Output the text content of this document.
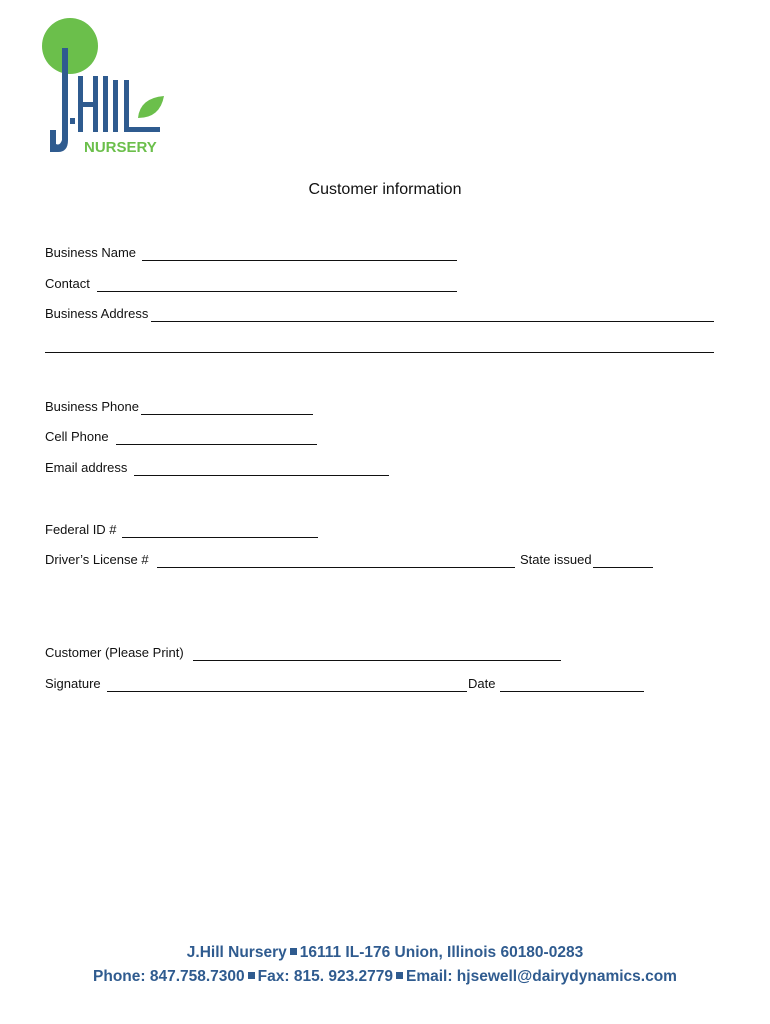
NURSERY
Customer information
Business Name
Contact
Business Address
Business Phone
Cell Phone
Email address
Federal ID #
Driver’s License #	State issued
Customer (Please Print)
Signature	Date
J.Hill Nursery 16111 IL-176 Union, Illinois 60180-0283
Phone: 847.758.7300 Fax: 815. 923.2779 Email: hjsewell@dairydynamics.com
